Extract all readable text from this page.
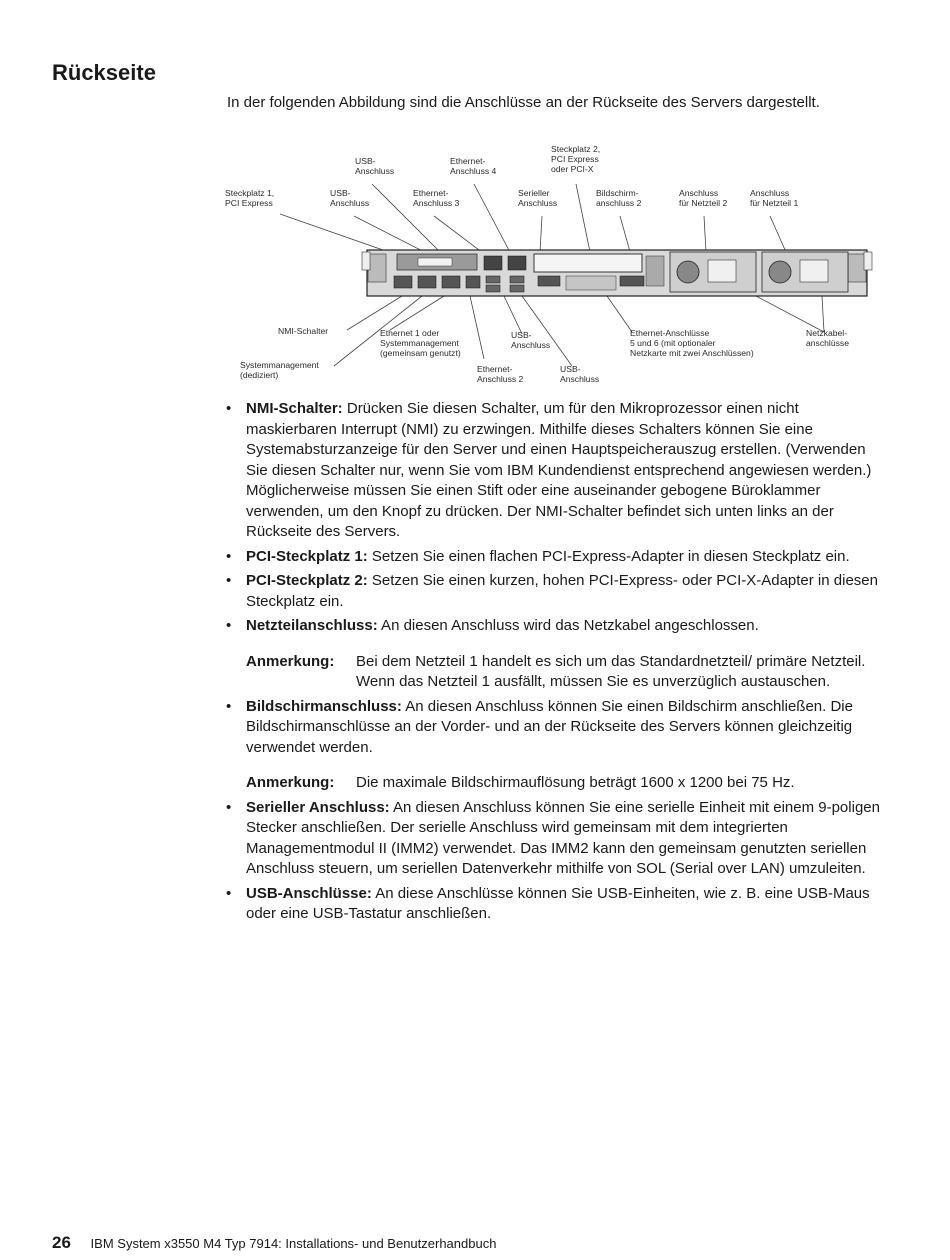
Rückseite

In der folgenden Abbildung sind die Anschlüsse an der Rückseite des Servers dargestellt.

USB-Anschluss
Ethernet-Anschluss 4
Steckplatz 2, PCI Express oder PCI-X
Steckplatz 1, PCI Express
USB-Anschluss
Ethernet-Anschluss 3
Serieller Anschluss
Bildschirm-anschluss 2
Anschluss für Netzteil 2
Anschluss für Netzteil 1
NMI-Schalter	Ethernet 1 oder Systemmanagement (gemeinsam genutzt)
USB-Anschluss
Ethernet-Anschlüsse 5 und 6 (mit optionaler Netzkarte mit zwei Anschlüssen)
Netzkabel-anschlüsse
Systemmanagement (dediziert)
Ethernet-Anschluss 2
USB-Anschluss
• NMI-Schalter: Drücken Sie diesen Schalter, um für den Mikroprozessor einen nicht maskierbaren Interrupt (NMI) zu erzwingen. Mithilfe dieses Schalters können Sie eine Systemabsturzanzeige für den Server und einen Hauptspeicherauszug erstellen. (Verwenden Sie diesen Schalter nur, wenn Sie vom IBM Kundendienst entsprechend angewiesen werden.) Möglicherweise müssen Sie einen Stift oder eine auseinander gebogene Büroklammer verwenden, um den Knopf zu drücken. Der NMI-Schalter befindet sich unten links an der Rückseite des Servers.
• PCI-Steckplatz 1: Setzen Sie einen flachen PCI-Express-Adapter in diesen Steckplatz ein.
• PCI-Steckplatz 2: Setzen Sie einen kurzen, hohen PCI-Express- oder PCI-X-Adapter in diesen Steckplatz ein.
• Netzteilanschluss: An diesen Anschluss wird das Netzkabel angeschlossen.
Anmerkung:	Bei dem Netzteil 1 handelt es sich um das Standardnetzteil/ primäre Netzteil. Wenn das Netzteil 1 ausfällt, müssen Sie es unverzüglich austauschen.
• Bildschirmanschluss: An diesen Anschluss können Sie einen Bildschirm anschließen. Die Bildschirmanschlüsse an der Vorder- und an der Rückseite des Servers können gleichzeitig verwendet werden.
Anmerkung:	Die maximale Bildschirmauflösung beträgt 1600 x 1200 bei 75 Hz.
• Serieller Anschluss: An diesen Anschluss können Sie eine serielle Einheit mit einem 9-poligen Stecker anschließen. Der serielle Anschluss wird gemeinsam mit dem integrierten Managementmodul II (IMM2) verwendet. Das IMM2 kann den gemeinsam genutzten seriellen Anschluss steuern, um seriellen Datenverkehr mithilfe von SOL (Serial over LAN) umzuleiten.
• USB-Anschlüsse: An diese Anschlüsse können Sie USB-Einheiten, wie z. B. eine USB-Maus oder eine USB-Tastatur anschließen.
26 IBM System x3550 M4 Typ 7914: Installations- und Benutzerhandbuch
